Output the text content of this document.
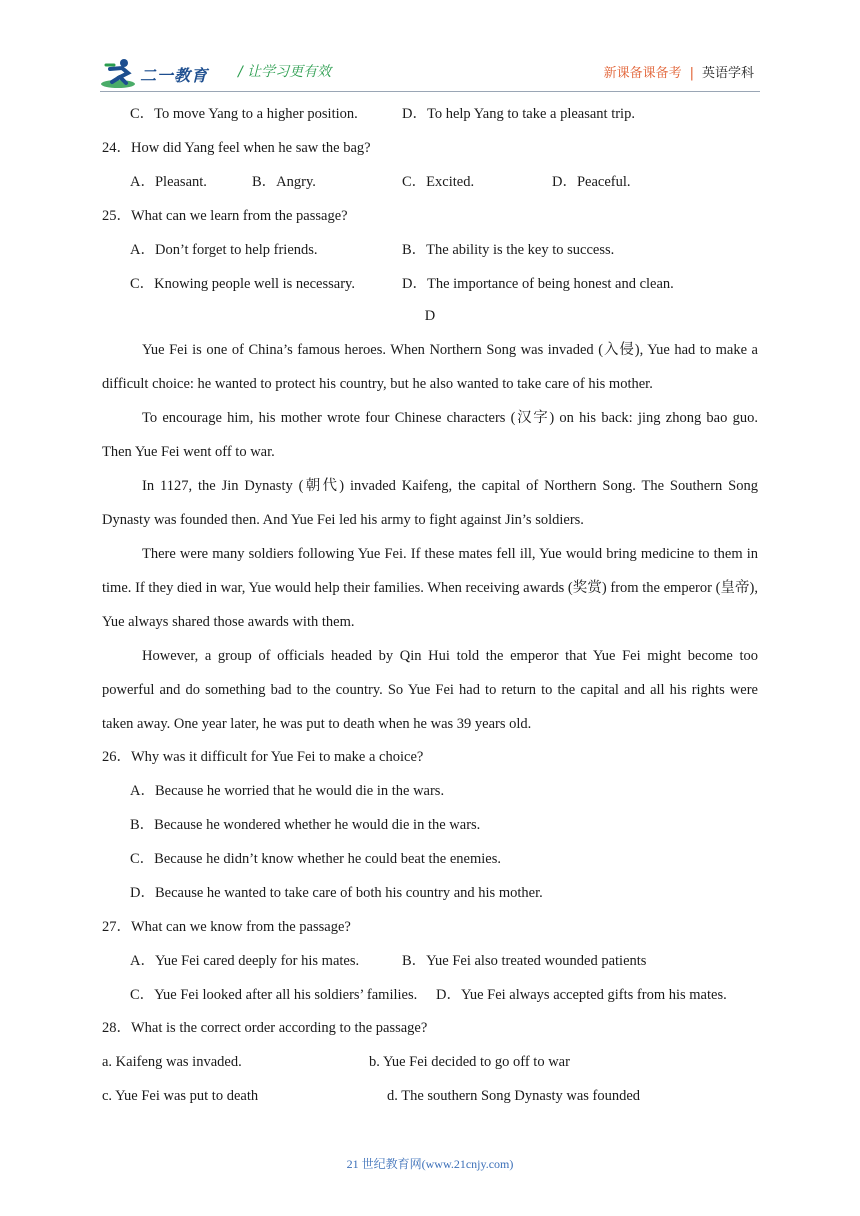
二一教育 / 让学习更有效	新课备课备考 | 英语学科
C．To move Yang to a higher position.	D．To help Yang to take a pleasant trip.
24．How did Yang feel when he saw the bag?
A．Pleasant.	B．Angry.	C．Excited.	D．Peaceful.
25．What can we learn from the passage?
A．Don’t forget to help friends.	B．The ability is the key to success.
C．Knowing people well is necessary.	D．The importance of being honest and clean.
D
Yue Fei is one of China’s famous heroes. When Northern Song was invaded (入侵), Yue had to make a difficult choice: he wanted to protect his country, but he also wanted to take care of his mother.
To encourage him, his mother wrote four Chinese characters (汉字) on his back: jing zhong bao guo. Then Yue Fei went off to war.
In 1127, the Jin Dynasty (朝代) invaded Kaifeng, the capital of Northern Song. The Southern Song Dynasty was founded then. And Yue Fei led his army to fight against Jin’s soldiers.
There were many soldiers following Yue Fei. If these mates fell ill, Yue would bring medicine to them in time. If they died in war, Yue would help their families. When receiving awards (奖赏) from the emperor (皇帝), Yue always shared those awards with them.
However, a group of officials headed by Qin Hui told the emperor that Yue Fei might become too powerful and do something bad to the country. So Yue Fei had to return to the capital and all his rights were taken away. One year later, he was put to death when he was 39 years old.
26．Why was it difficult for Yue Fei to make a choice?
A．Because he worried that he would die in the wars.
B．Because he wondered whether he would die in the wars.
C．Because he didn’t know whether he could beat the enemies.
D．Because he wanted to take care of both his country and his mother.
27．What can we know from the passage?
A．Yue Fei cared deeply for his mates.	B．Yue Fei also treated wounded patients
C．Yue Fei looked after all his soldiers’ families. D．Yue Fei always accepted gifts from his mates.
28．What is the correct order according to the passage?
a. Kaifeng was invaded.	b. Yue Fei decided to go off to war
c. Yue Fei was put to death	d. The southern Song Dynasty was founded
21 世纪教育网(www.21cnjy.com)
